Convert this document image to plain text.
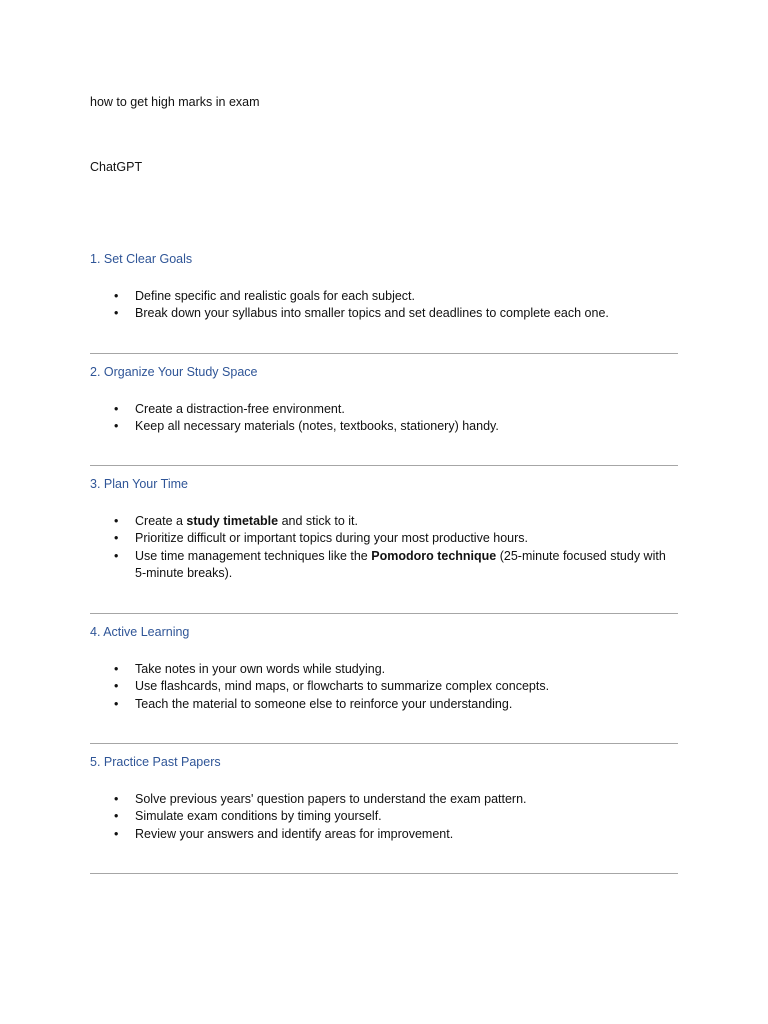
how to get high marks in exam

ChatGPT

1. Set Clear Goals
• Define specific and realistic goals for each subject.
• Break down your syllabus into smaller topics and set deadlines to complete each one.
2. Organize Your Study Space
• Create a distraction-free environment.
• Keep all necessary materials (notes, textbooks, stationery) handy.
3. Plan Your Time
• Create a study timetable and stick to it.
• Prioritize difficult or important topics during your most productive hours.
• Use time management techniques like the Pomodoro technique (25-minute focused study with 5-minute breaks).
4. Active Learning
• Take notes in your own words while studying.
• Use flashcards, mind maps, or flowcharts to summarize complex concepts.
• Teach the material to someone else to reinforce your understanding.
5. Practice Past Papers
• Solve previous years' question papers to understand the exam pattern.
• Simulate exam conditions by timing yourself.
• Review your answers and identify areas for improvement.
